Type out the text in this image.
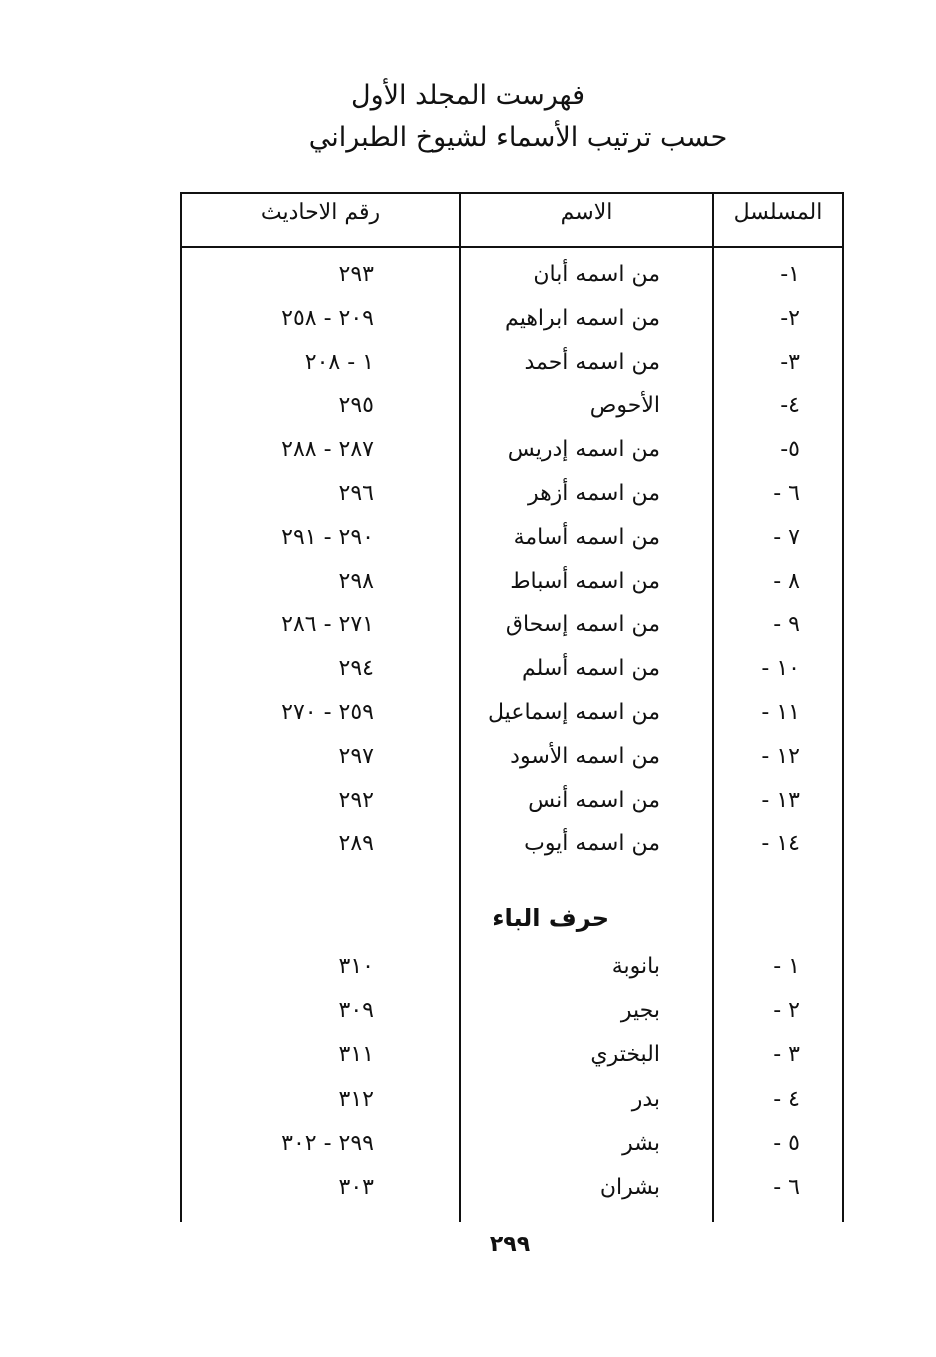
فهرست المجلد الأول
حسب ترتيب الأسماء لشيوخ الطبراني
المسلسل
الاسم
رقم الاحاديث
١-
من اسمه أبان
٢٩٣
٢-
من اسمه ابراهيم
٢٠٩ - ٢٥٨
٣-
من اسمه أحمد
١ - ٢٠٨
٤-
الأحوص
٢٩٥
٥-
من اسمه إدريس
٢٨٧ - ٢٨٨
٦ -
من اسمه أزهر
٢٩٦
٧ -
من اسمه أسامة
٢٩٠ - ٢٩١
٨ -
من اسمه أسباط
٢٩٨
٩ -
من اسمه إسحاق
٢٧١ - ٢٨٦
١٠ -
من اسمه أسلم
٢٩٤
١١ -
من اسمه إسماعيل
٢٥٩ - ٢٧٠
١٢ -
من اسمه الأسود
٢٩٧
١٣ -
من اسمه أنس
٢٩٢
١٤ -
من اسمه أيوب
٢٨٩
حرف الباء
١ -
بانوبة
٣١٠
٢ -
بجير
٣٠٩
٣ -
البختري
٣١١
٤ -
بدر
٣١٢
٥ -
بشر
٢٩٩ - ٣٠٢
٦ -
بشران
٣٠٣
٢٩٩
